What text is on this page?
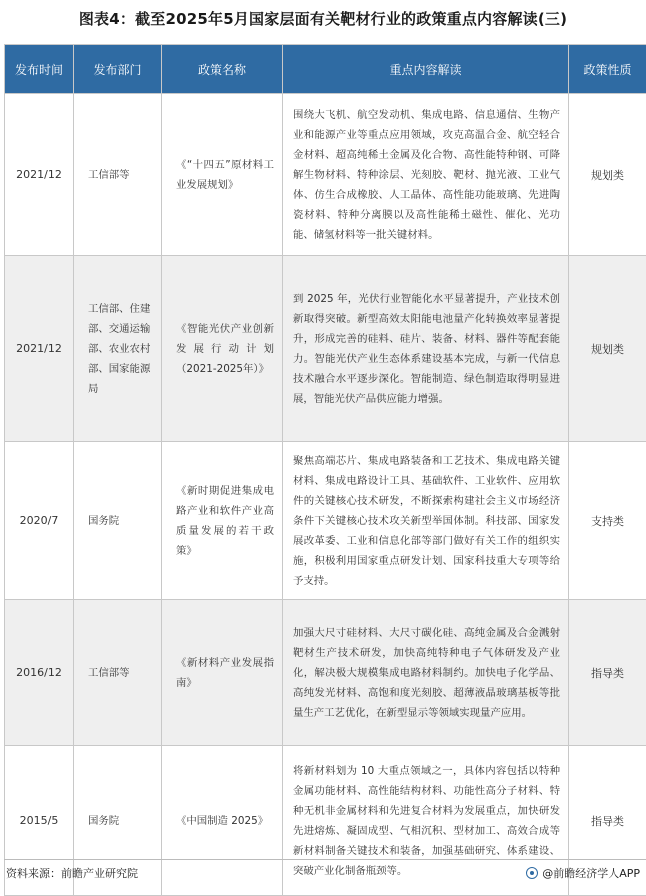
图表4：截至2025年5月国家层面有关靶材行业的政策重点内容解读(三)
发布时间	发布部门	政策名称	重点内容解读	政策性质
2021/12	工信部等	《“十四五”原材料工业发展规划》	围绕大飞机、航空发动机、集成电路、信息通信、生物产业和能源产业等重点应用领域，攻克高温合金、航空轻合金材料、超高纯稀土金属及化合物、高性能特种钢、可降解生物材料、特种涂层、光刻胶、靶材、抛光液、工业气体、仿生合成橡胶、人工晶体、高性能功能玻璃、先进陶瓷材料、特种分离膜以及高性能稀土磁性、催化、光功能、储氢材料等一批关键材料。	规划类
2021/12	工信部、住建部、交通运输部、农业农村部、国家能源局	《智能光伏产业创新发展行动计划（2021-2025年）》	到 2025 年，光伏行业智能化水平显著提升，产业技术创新取得突破。新型高效太阳能电池量产化转换效率显著提升，形成完善的硅料、硅片、装备、材料、器件等配套能力。智能光伏产业生态体系建设基本完成，与新一代信息技术融合水平逐步深化。智能制造、绿色制造取得明显进展，智能光伏产品供应能力增强。	规划类
2020/7	国务院	《新时期促进集成电路产业和软件产业高质量发展的若干政策》	聚焦高端芯片、集成电路装备和工艺技术、集成电路关键材料、集成电路设计工具、基础软件、工业软件、应用软件的关键核心技术研发，不断探索构建社会主义市场经济条件下关键核心技术攻关新型举国体制。科技部、国家发展改革委、工业和信息化部等部门做好有关工作的组织实施，积极利用国家重点研发计划、国家科技重大专项等给予支持。	支持类
2016/12	工信部等	《新材料产业发展指南》	加强大尺寸硅材料、大尺寸碳化硅、高纯金属及合金溅射靶材生产技术研发，加快高纯特种电子气体研发及产业化，解决极大规模集成电路材料制约。加快电子化学品、高纯发光材料、高饱和度光刻胶、超薄液晶玻璃基板等批量生产工艺优化，在新型显示等领域实现量产应用。	指导类
2015/5	国务院	《中国制造 2025》	将新材料划为 10 大重点领域之一，具体内容包括以特种金属功能材料、高性能结构材料、功能性高分子材料、特种无机非金属材料和先进复合材料为发展重点，加快研发先进熔炼、凝固成型、气相沉积、型材加工、高效合成等新材料制备关键技术和装备，加强基础研究、体系建设、突破产业化制备瓶颈等。	指导类
资料来源：前瞻产业研究院	@前瞻经济学人APP
